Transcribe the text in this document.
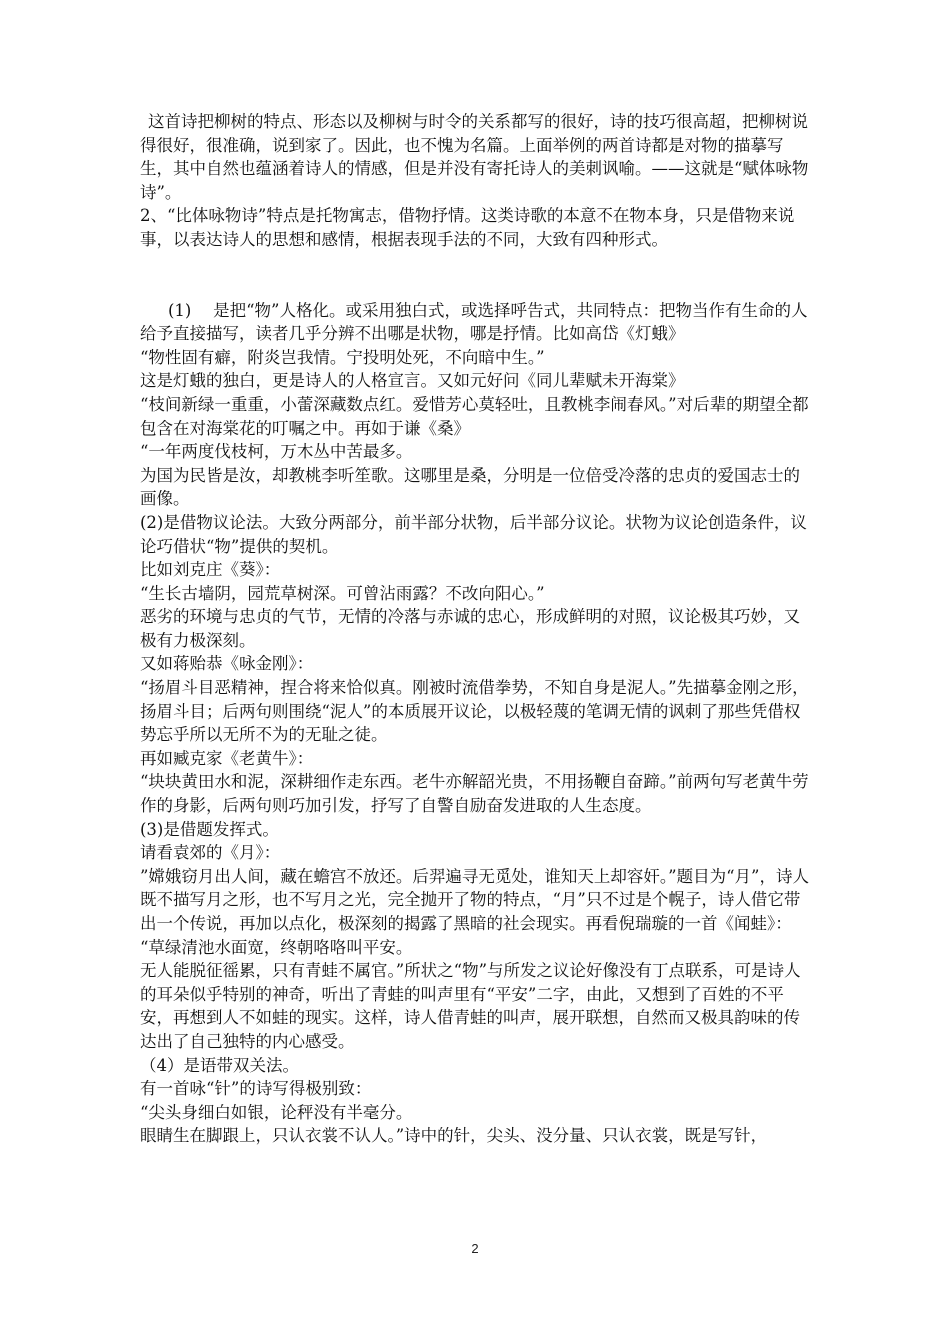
这首诗把柳树的特点、形态以及柳树与时令的关系都写的很好，诗的技巧很高超，把柳树说得很好，很准确，说到家了。因此，也不愧为名篇。上面举例的两首诗都是对物的描摹写生，其中自然也蕴涵着诗人的情感，但是并没有寄托诗人的美刺讽喻。——这就是“赋体咏物诗”。

2、“比体咏物诗”特点是托物寓志，借物抒情。这类诗歌的本意不在物本身，只是借物来说事，以表达诗人的思想和感情，根据表现手法的不同，大致有四种形式。

(1)　 是把“物”人格化。或采用独白式，或选择呼告式，共同特点：把物当作有生命的人给予直接描写，读者几乎分辨不出哪是状物，哪是抒情。比如高岱《灯蛾》

“物性固有癖，附炎岂我情。宁投明处死，不向暗中生。”

这是灯蛾的独白，更是诗人的人格宣言。又如元好问《同儿辈赋未开海棠》

“枝间新绿一重重，小蕾深藏数点红。爱惜芳心莫轻吐，且教桃李闹春风。”对后辈的期望全都包含在对海棠花的叮嘱之中。再如于谦《桑》

“一年两度伐枝柯，万木丛中苦最多。

为国为民皆是汝，却教桃李听笙歌。这哪里是桑，分明是一位倍受冷落的忠贞的爱国志士的画像。

(2)是借物议论法。大致分两部分，前半部分状物，后半部分议论。状物为议论创造条件，议论巧借状“物”提供的契机。

比如刘克庄《葵》：

“生长古墙阴，园荒草树深。可曾沾雨露？不改向阳心。”

恶劣的环境与忠贞的气节，无情的冷落与赤诚的忠心，形成鲜明的对照，议论极其巧妙，又极有力极深刻。

又如蒋贻恭《咏金刚》：

“扬眉斗目恶精神，捏合将来恰似真。刚被时流借拳势，不知自身是泥人。”先描摹金刚之形，扬眉斗目；后两句则围绕“泥人”的本质展开议论，以极轻蔑的笔调无情的讽刺了那些凭借权势忘乎所以无所不为的无耻之徒。

再如臧克家《老黄牛》：

“块块黄田水和泥，深耕细作走东西。老牛亦解韶光贵，不用扬鞭自奋蹄。”前两句写老黄牛劳作的身影，后两句则巧加引发，抒写了自警自励奋发进取的人生态度。

(3)是借题发挥式。

请看袁郊的《月》：

”嫦娥窃月出人间，藏在蟾宫不放还。后羿遍寻无觅处，谁知天上却容奸。”题目为“月”，诗人既不描写月之形，也不写月之光，完全抛开了物的特点，“月”只不过是个幌子，诗人借它带出一个传说，再加以点化，极深刻的揭露了黑暗的社会现实。再看倪瑞璇的一首《闻蛙》：

“草绿清池水面宽，终朝咯咯叫平安。

无人能脱征徭累，只有青蛙不属官。”所状之“物”与所发之议论好像没有丁点联系，可是诗人的耳朵似乎特别的神奇，听出了青蛙的叫声里有“平安”二字，由此，又想到了百姓的不平安，再想到人不如蛙的现实。这样，诗人借青蛙的叫声，展开联想，自然而又极具韵味的传达出了自己独特的内心感受。

（4）是语带双关法。

有一首咏“针”的诗写得极别致：

“尖头身细白如银，论秤没有半毫分。

眼睛生在脚跟上，只认衣裳不认人。”诗中的针，尖头、没分量、只认衣裳，既是写针，

2
